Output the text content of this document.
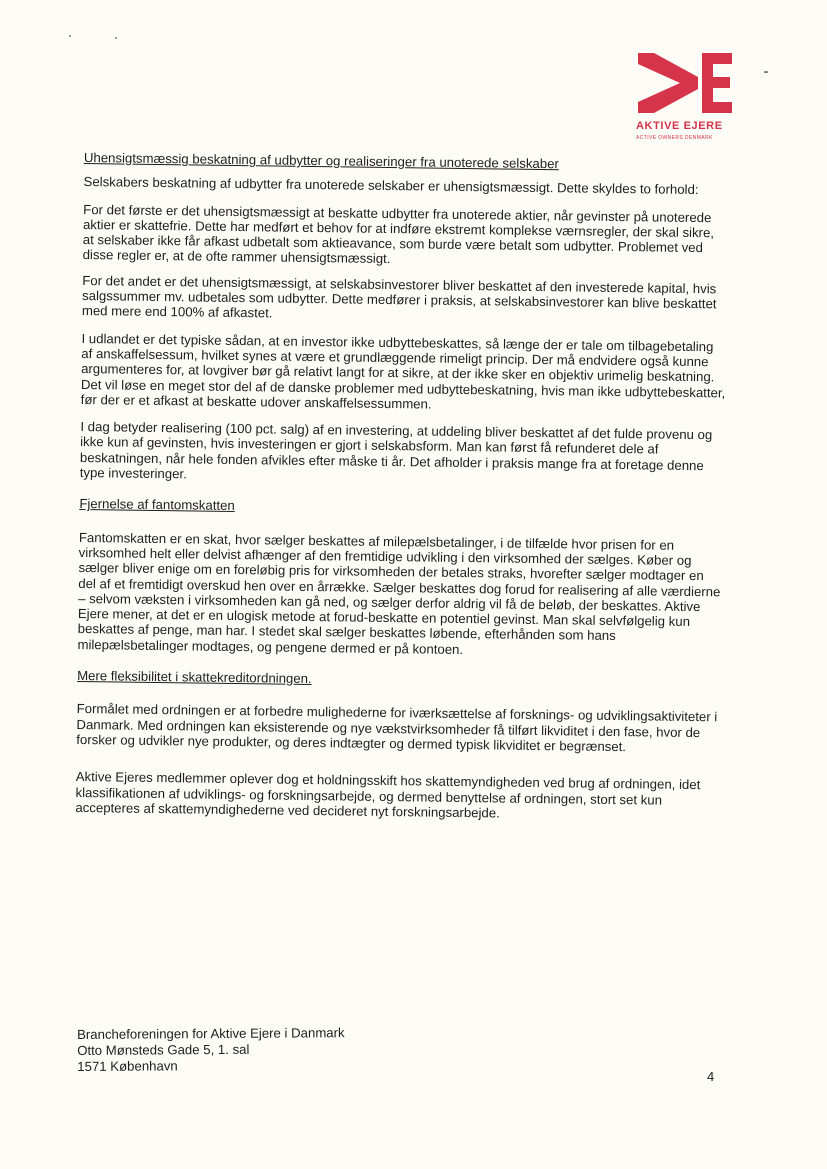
AKTIVE EJERE
ACTIVE OWNERS DENMARK
Uhensigtsmæssig beskatning af udbytter og realiseringer fra unoterede selskaber

Selskabers beskatning af udbytter fra unoterede selskaber er uhensigtsmæssigt. Dette skyldes to forhold:

For det første er det uhensigtsmæssigt at beskatte udbytter fra unoterede aktier, når gevinster på unoterede aktier er skattefrie. Dette har medført et behov for at indføre ekstremt komplekse værnsregler, der skal sikre, at selskaber ikke får afkast udbetalt som aktieavance, som burde være betalt som udbytter. Problemet ved disse regler er, at de ofte rammer uhensigtsmæssigt.

For det andet er det uhensigtsmæssigt, at selskabsinvestorer bliver beskattet af den investerede kapital, hvis salgssummer mv. udbetales som udbytter. Dette medfører i praksis, at selskabsinvestorer kan blive beskattet med mere end 100% af afkastet.

I udlandet er det typiske sådan, at en investor ikke udbyttebeskattes, så længe der er tale om tilbagebetaling af anskaffelsessum, hvilket synes at være et grundlæggende rimeligt princip. Der må endvidere også kunne argumenteres for, at lovgiver bør gå relativt langt for at sikre, at der ikke sker en objektiv urimelig beskatning. Det vil løse en meget stor del af de danske problemer med udbyttebeskatning, hvis man ikke udbyttebeskatter, før der er et afkast at beskatte udover anskaffelsessummen.

I dag betyder realisering (100 pct. salg) af en investering, at uddeling bliver beskattet af det fulde provenu og ikke kun af gevinsten, hvis investeringen er gjort i selskabsform. Man kan først få refunderet dele af beskatningen, når hele fonden afvikles efter måske ti år. Det afholder i praksis mange fra at foretage denne type investeringer.

Fjernelse af fantomskatten

Fantomskatten er en skat, hvor sælger beskattes af milepælsbetalinger, i de tilfælde hvor prisen for en virksomhed helt eller delvist afhænger af den fremtidige udvikling i den virksomhed der sælges. Køber og sælger bliver enige om en foreløbig pris for virksomheden der betales straks, hvorefter sælger modtager en del af et fremtidigt overskud hen over en årrække. Sælger beskattes dog forud for realisering af alle værdierne – selvom væksten i virksomheden kan gå ned, og sælger derfor aldrig vil få de beløb, der beskattes. Aktive Ejere mener, at det er en ulogisk metode at forud-beskatte en potentiel gevinst. Man skal selvfølgelig kun beskattes af penge, man har. I stedet skal sælger beskattes løbende, efterhånden som hans milepælsbetalinger modtages, og pengene dermed er på kontoen.

Mere fleksibilitet i skattekreditordningen.

Formålet med ordningen er at forbedre mulighederne for iværksættelse af forsknings- og udviklingsaktiviteter i Danmark. Med ordningen kan eksisterende og nye vækstvirksomheder få tilført likviditet i den fase, hvor de forsker og udvikler nye produkter, og deres indtægter og dermed typisk likviditet er begrænset.

Aktive Ejeres medlemmer oplever dog et holdningsskift hos skattemyndigheden ved brug af ordningen, idet klassifikationen af udviklings- og forskningsarbejde, og dermed benyttelse af ordningen, stort set kun accepteres af skattemyndighederne ved decideret nyt forskningsarbejde.

Brancheforeningen for Aktive Ejere i Danmark
Otto Mønsteds Gade 5, 1. sal
1571 København
4
